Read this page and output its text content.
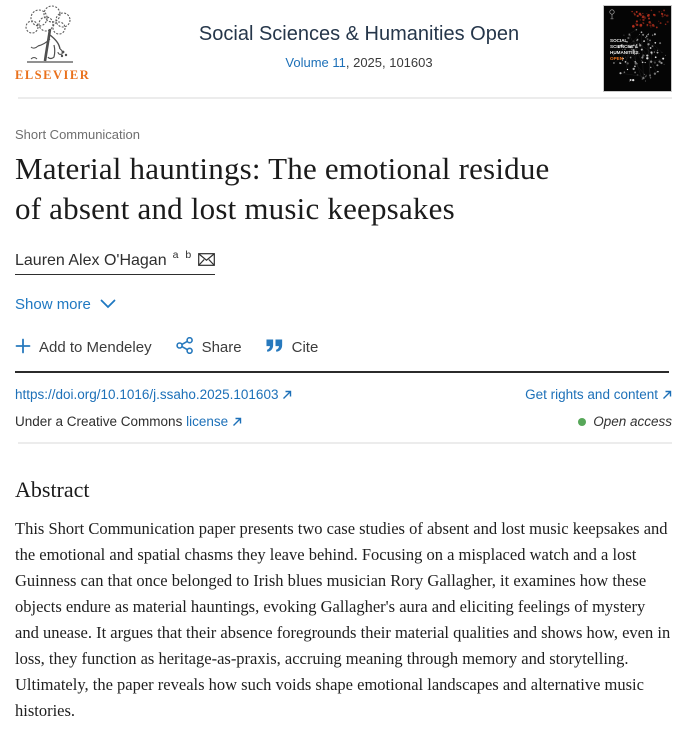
ELSEVIER
Social Sciences & Humanities Open
Volume 11, 2025, 101603
SOCIAL
SCIENCES &
HUMANITIES
OPEN
Short Communication
Material hauntings: The emotional residue
of absent and lost music keepsakes
Lauren Alex O'Hagan a b
Show more
Add to Mendeley	Share	Cite
https://doi.org/10.1016/j.ssaho.2025.101603	Get rights and content
Under a Creative Commons license	Open access
Abstract

This Short Communication paper presents two case studies of absent and lost music keepsakes and the emotional and spatial chasms they leave behind. Focusing on a misplaced watch and a lost Guinness can that once belonged to Irish blues musician Rory Gallagher, it examines how these objects endure as material hauntings, evoking Gallagher's aura and eliciting feelings of mystery and unease. It argues that their absence foregrounds their material qualities and shows how, even in loss, they function as heritage-as-praxis, accruing meaning through memory and storytelling. Ultimately, the paper reveals how such voids shape emotional landscapes and alternative music histories.
